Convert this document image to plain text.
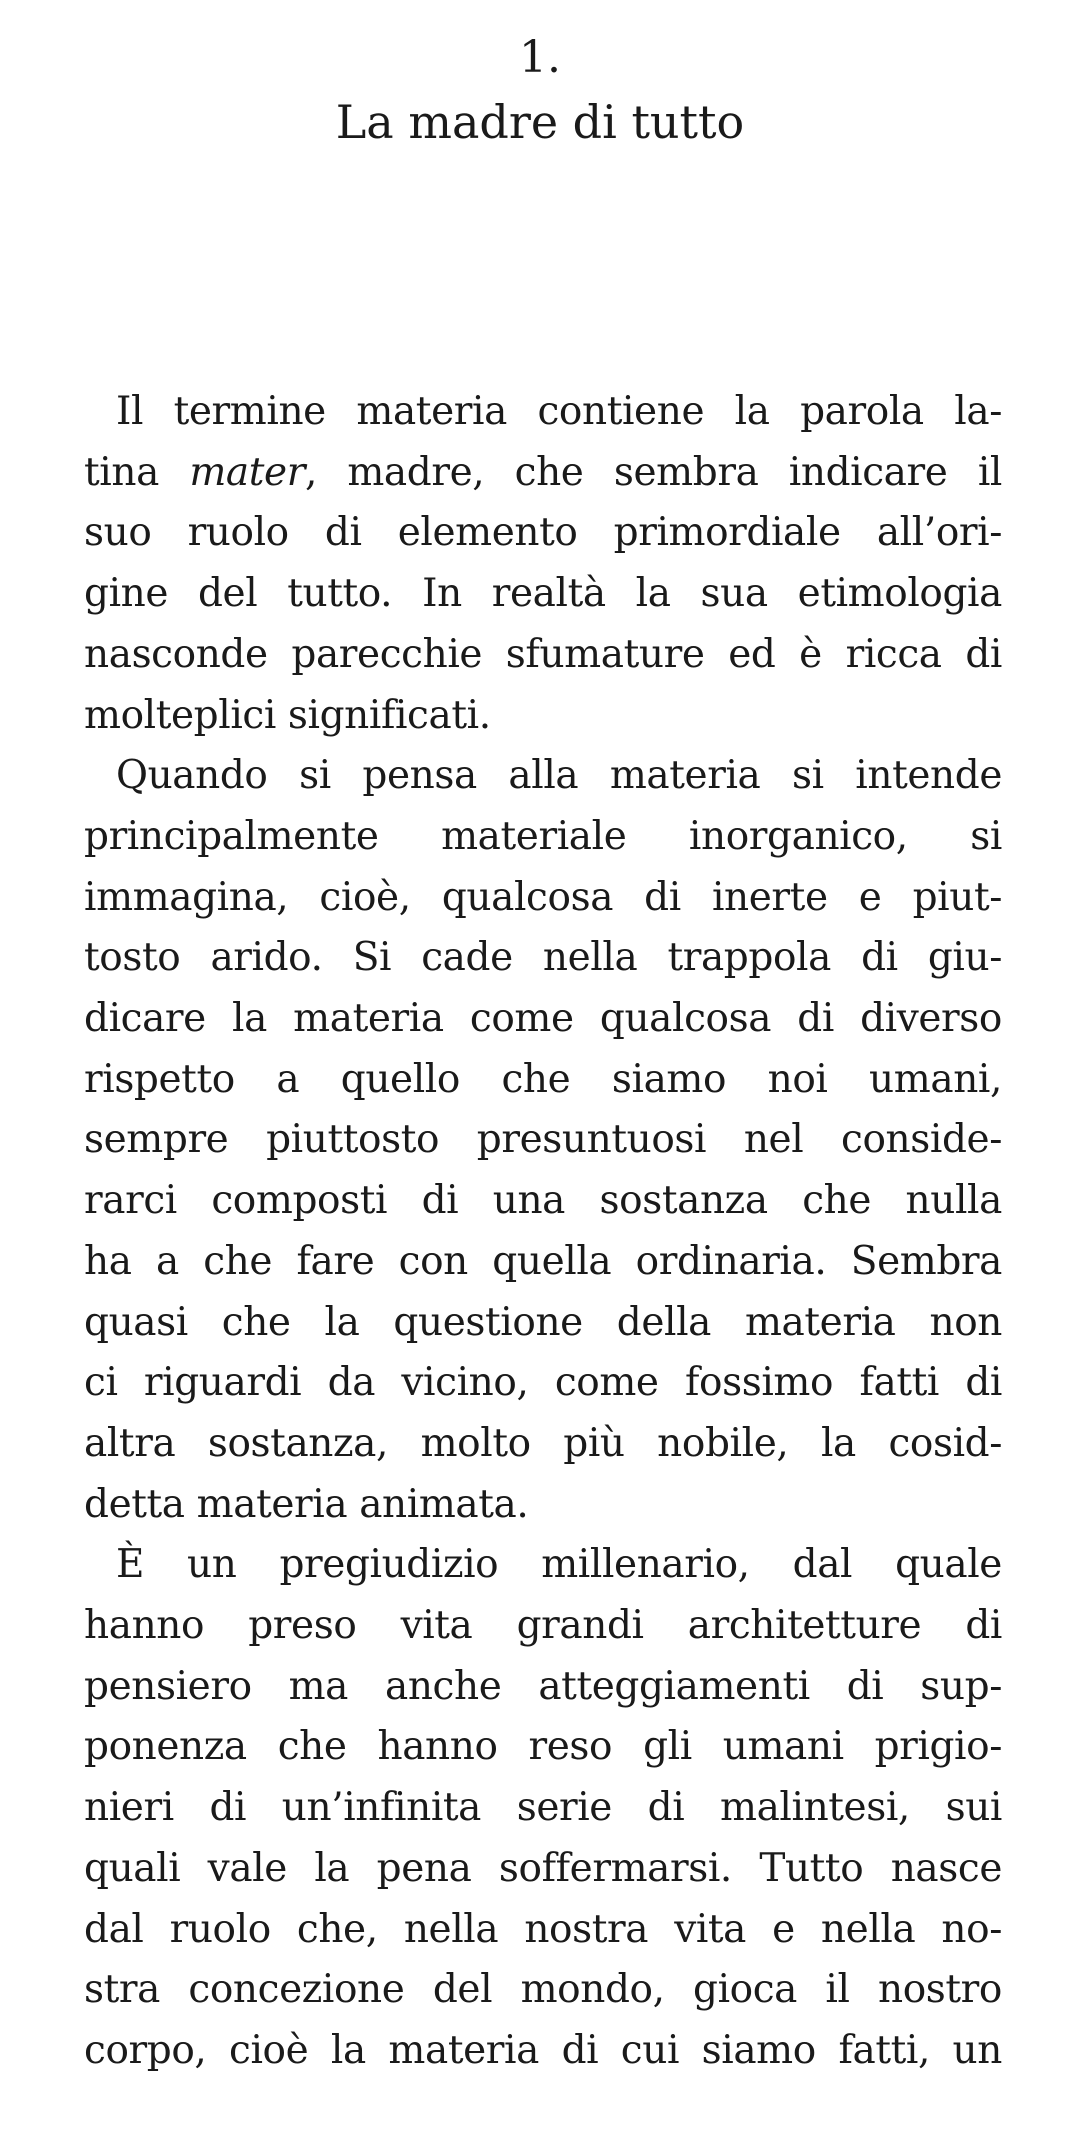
1.
La madre di tutto

Il termine materia contiene la parola la-
tina mater, madre, che sembra indicare il
suo ruolo di elemento primordiale all’ori-
gine del tutto. In realtà la sua etimologia
nasconde parecchie sfumature ed è ricca di
molteplici significati.

Quando si pensa alla materia si intende
principalmente materiale inorganico, si
immagina, cioè, qualcosa di inerte e piut-
tosto arido. Si cade nella trappola di giu-
dicare la materia come qualcosa di diverso
rispetto a quello che siamo noi umani,
sempre piuttosto presuntuosi nel conside-
rarci composti di una sostanza che nulla
ha a che fare con quella ordinaria. Sembra
quasi che la questione della materia non
ci riguardi da vicino, come fossimo fatti di
altra sostanza, molto più nobile, la cosid-
detta materia animata.

È un pregiudizio millenario, dal quale
hanno preso vita grandi architetture di
pensiero ma anche atteggiamenti di sup-
ponenza che hanno reso gli umani prigio-
nieri di un’infinita serie di malintesi, sui
quali vale la pena soffermarsi. Tutto nasce
dal ruolo che, nella nostra vita e nella no-
stra concezione del mondo, gioca il nostro
corpo, cioè la materia di cui siamo fatti, un
